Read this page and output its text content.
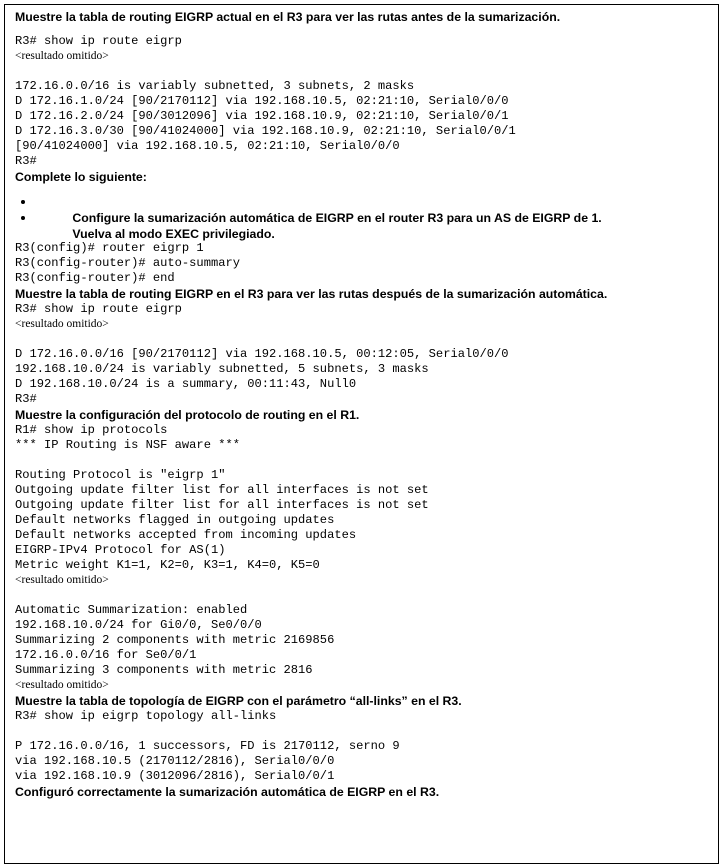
Muestre la tabla de routing EIGRP actual en el R3 para ver las rutas antes de la sumarización.
R3# show ip route eigrp
<resultado omitido>
172.16.0.0/16 is variably subnetted, 3 subnets, 2 masks
D 172.16.1.0/24 [90/2170112] via 192.168.10.5, 02:21:10, Serial0/0/0
D 172.16.2.0/24 [90/3012096] via 192.168.10.9, 02:21:10, Serial0/0/1
D 172.16.3.0/30 [90/41024000] via 192.168.10.9, 02:21:10, Serial0/0/1
[90/41024000] via 192.168.10.5, 02:21:10, Serial0/0/0
R3#
Complete lo siguiente:

Configure la sumarización automática de EIGRP en el router R3 para un AS de EIGRP de 1.

Vuelva al modo EXEC privilegiado.

R3(config)# router eigrp 1
R3(config-router)# auto-summary
R3(config-router)# end
Muestre la tabla de routing EIGRP en el R3 para ver las rutas después de la sumarización automática.
R3# show ip route eigrp
<resultado omitido>
D 172.16.0.0/16 [90/2170112] via 192.168.10.5, 00:12:05, Serial0/0/0
192.168.10.0/24 is variably subnetted, 5 subnets, 3 masks
D 192.168.10.0/24 is a summary, 00:11:43, Null0
R3#
Muestre la configuración del protocolo de routing en el R1.
R1# show ip protocols
*** IP Routing is NSF aware ***
Routing Protocol is "eigrp 1"
Outgoing update filter list for all interfaces is not set
Outgoing update filter list for all interfaces is not set
Default networks flagged in outgoing updates
Default networks accepted from incoming updates
EIGRP-IPv4 Protocol for AS(1)
Metric weight K1=1, K2=0, K3=1, K4=0, K5=0
<resultado omitido>
Automatic Summarization: enabled
192.168.10.0/24 for Gi0/0, Se0/0/0
Summarizing 2 components with metric 2169856
172.16.0.0/16 for Se0/0/1
Summarizing 3 components with metric 2816
<resultado omitido>
Muestre la tabla de topología de EIGRP con el parámetro “all-links” en el R3.
R3# show ip eigrp topology all-links
P 172.16.0.0/16, 1 successors, FD is 2170112, serno 9
via 192.168.10.5 (2170112/2816), Serial0/0/0
via 192.168.10.9 (3012096/2816), Serial0/0/1
Configuró correctamente la sumarización automática de EIGRP en el R3.
